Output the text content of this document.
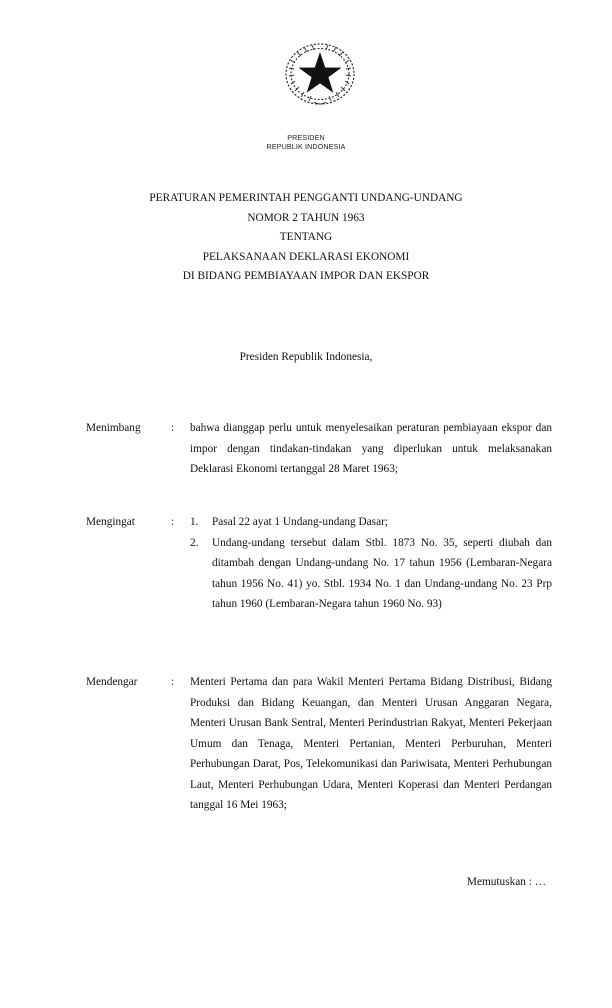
PRESIDEN
REPUBLIK INDONESIA
PERATURAN PEMERINTAH PENGGANTI UNDANG-UNDANG
NOMOR 2 TAHUN 1963
TENTANG
PELAKSANAAN DEKLARASI EKONOMI
DI BIDANG PEMBIAYAAN IMPOR DAN EKSPOR
Presiden Republik Indonesia,
Menimbang	: bahwa dianggap perlu untuk menyelesaikan peraturan pembiayaan ekspor dan impor dengan tindakan-tindakan yang diperlukan untuk melaksanakan Deklarasi Ekonomi tertanggal 28 Maret 1963;
Mengingat	: 1. Pasal 22 ayat 1 Undang-undang Dasar;
2. Undang-undang tersebut dalam Stbl. 1873 No. 35, seperti diubah dan ditambah dengan Undang-undang No. 17 tahun 1956 (Lembaran-Negara tahun 1956 No. 41) yo. Stbl. 1934 No. 1 dan Undang-undang No. 23 Prp tahun 1960 (Lembaran-Negara tahun 1960 No. 93)
Mendengar	: Menteri Pertama dan para Wakil Menteri Pertama Bidang Distribusi, Bidang Produksi dan Bidang Keuangan, dan Menteri Urusan Anggaran Negara, Menteri Urusan Bank Sentral, Menteri Perindustrian Rakyat, Menteri Pekerjaan Umum dan Tenaga, Menteri Pertanian, Menteri Perburuhan, Menteri Perhubungan Darat, Pos, Telekomunikasi dan Pariwisata, Menteri Perhubungan Laut, Menteri Perhubungan Udara, Menteri Koperasi dan Menteri Perdangan tanggal 16 Mei 1963;
Memutuskan : …
